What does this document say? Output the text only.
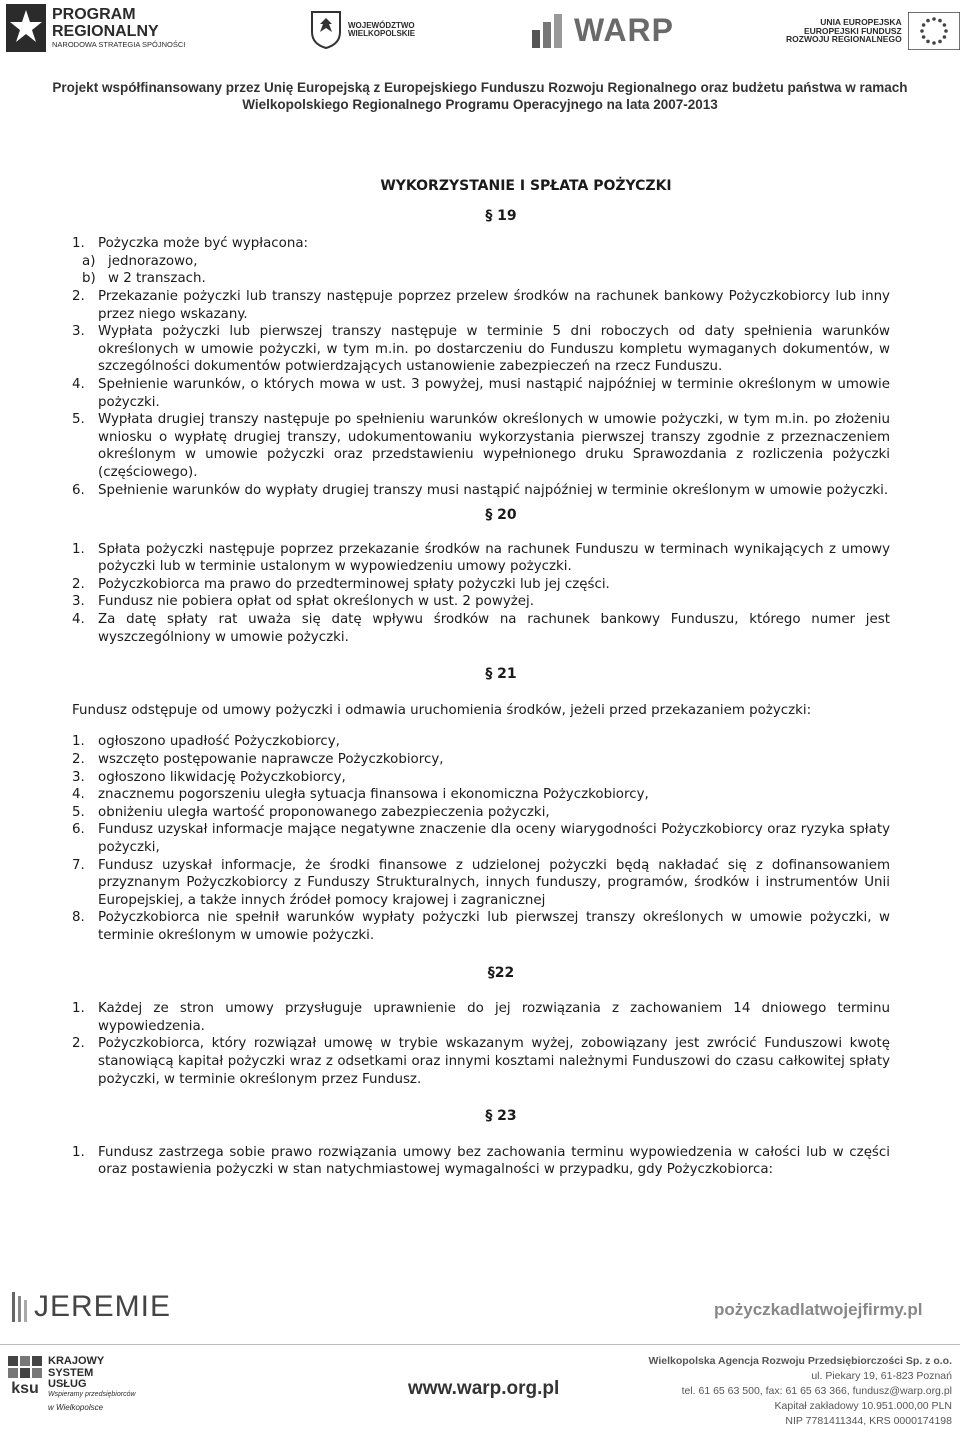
PROGRAM
REGIONALNY
NARODOWA STRATEGIA SPÓJNOŚCI
WOJEWÓDZTWO
WIELKOPOLSKIE	WARP	UNIA EUROPEJSKA
EUROPEJSKI FUNDUSZ
ROZWOJU REGIONALNEGO
Projekt współfinansowany przez Unię Europejską z Europejskiego Funduszu Rozwoju Regionalnego oraz budżetu państwa w ramach
Wielkopolskiego Regionalnego Programu Operacyjnego na lata 2007-2013
WYKORZYSTANIE I SPŁATA POŻYCZKI
§ 19
1. Pożyczka może być wypłacona:
a) jednorazowo,
b) w 2 transzach.
2. Przekazanie pożyczki lub transzy następuje poprzez przelew środków na rachunek bankowy Pożyczkobiorcy lub inny przez niego wskazany.
3. Wypłata pożyczki lub pierwszej transzy następuje w terminie 5 dni roboczych od daty spełnienia warunków określonych w umowie pożyczki, w tym m.in. po dostarczeniu do Funduszu kompletu wymaganych dokumentów, w szczególności dokumentów potwierdzających ustanowienie zabezpieczeń na rzecz Funduszu.
4. Spełnienie warunków, o których mowa w ust. 3 powyżej, musi nastąpić najpóźniej w terminie określonym w umowie pożyczki.
5. Wypłata drugiej transzy następuje po spełnieniu warunków określonych w umowie pożyczki, w tym m.in. po złożeniu wniosku o wypłatę drugiej transzy, udokumentowaniu wykorzystania pierwszej transzy zgodnie z przeznaczeniem określonym w umowie pożyczki oraz przedstawieniu wypełnionego druku Sprawozdania z rozliczenia pożyczki (częściowego).
6. Spełnienie warunków do wypłaty drugiej transzy musi nastąpić najpóźniej w terminie określonym w umowie pożyczki.
§ 20
1. Spłata pożyczki następuje poprzez przekazanie środków na rachunek Funduszu w terminach wynikających z umowy pożyczki lub w terminie ustalonym w wypowiedzeniu umowy pożyczki.
2. Pożyczkobiorca ma prawo do przedterminowej spłaty pożyczki lub jej części.
3. Fundusz nie pobiera opłat od spłat określonych w ust. 2 powyżej.
4. Za datę spłaty rat uważa się datę wpływu środków na rachunek bankowy Funduszu, którego numer jest wyszczególniony w umowie pożyczki.
§ 21

Fundusz odstępuje od umowy pożyczki i odmawia uruchomienia środków, jeżeli przed przekazaniem pożyczki:

1. ogłoszono upadłość Pożyczkobiorcy,
2. wszczęto postępowanie naprawcze Pożyczkobiorcy,
3. ogłoszono likwidację Pożyczkobiorcy,
4. znacznemu pogorszeniu uległa sytuacja finansowa i ekonomiczna Pożyczkobiorcy,
5. obniżeniu uległa wartość proponowanego zabezpieczenia pożyczki,
6. Fundusz uzyskał informacje mające negatywne znaczenie dla oceny wiarygodności Pożyczkobiorcy oraz ryzyka spłaty pożyczki,
7. Fundusz uzyskał informacje, że środki finansowe z udzielonej pożyczki będą nakładać się z dofinansowaniem przyznanym Pożyczkobiorcy z Funduszy Strukturalnych, innych funduszy, programów, środków i instrumentów Unii Europejskiej, a także innych źródeł pomocy krajowej i zagranicznej
8. Pożyczkobiorca nie spełnił warunków wypłaty pożyczki lub pierwszej transzy określonych w umowie pożyczki, w terminie określonym w umowie pożyczki.
§22
1. Każdej ze stron umowy przysługuje uprawnienie do jej rozwiązania z zachowaniem 14 dniowego terminu wypowiedzenia.
2. Pożyczkobiorca, który rozwiązał umowę w trybie wskazanym wyżej, zobowiązany jest zwrócić Funduszowi kwotę stanowiącą kapitał pożyczki wraz z odsetkami oraz innymi kosztami należnymi Funduszowi do czasu całkowitej spłaty pożyczki, w terminie określonym przez Fundusz.
§ 23
1. Fundusz zastrzega sobie prawo rozwiązania umowy bez zachowania terminu wypowiedzenia w całości lub w części oraz postawienia pożyczki w stan natychmiastowej wymagalności w przypadku, gdy Pożyczkobiorca:
JEREMIE	pożyczkadlatwojejfirmy.pl
ksu
KRAJOWY
SYSTEM
USŁUG
Wspieramy przedsiębiorców
w Wielkopolsce
www.warp.org.pl
Wielkopolska Agencja Rozwoju Przedsiębiorczości Sp. z o.o.
ul. Piekary 19, 61-823 Poznań
tel. 61 65 63 500, fax: 61 65 63 366, fundusz@warp.org.pl
Kapitał zakładowy 10.951.000,00 PLN
NIP 7781411344, KRS 0000174198
